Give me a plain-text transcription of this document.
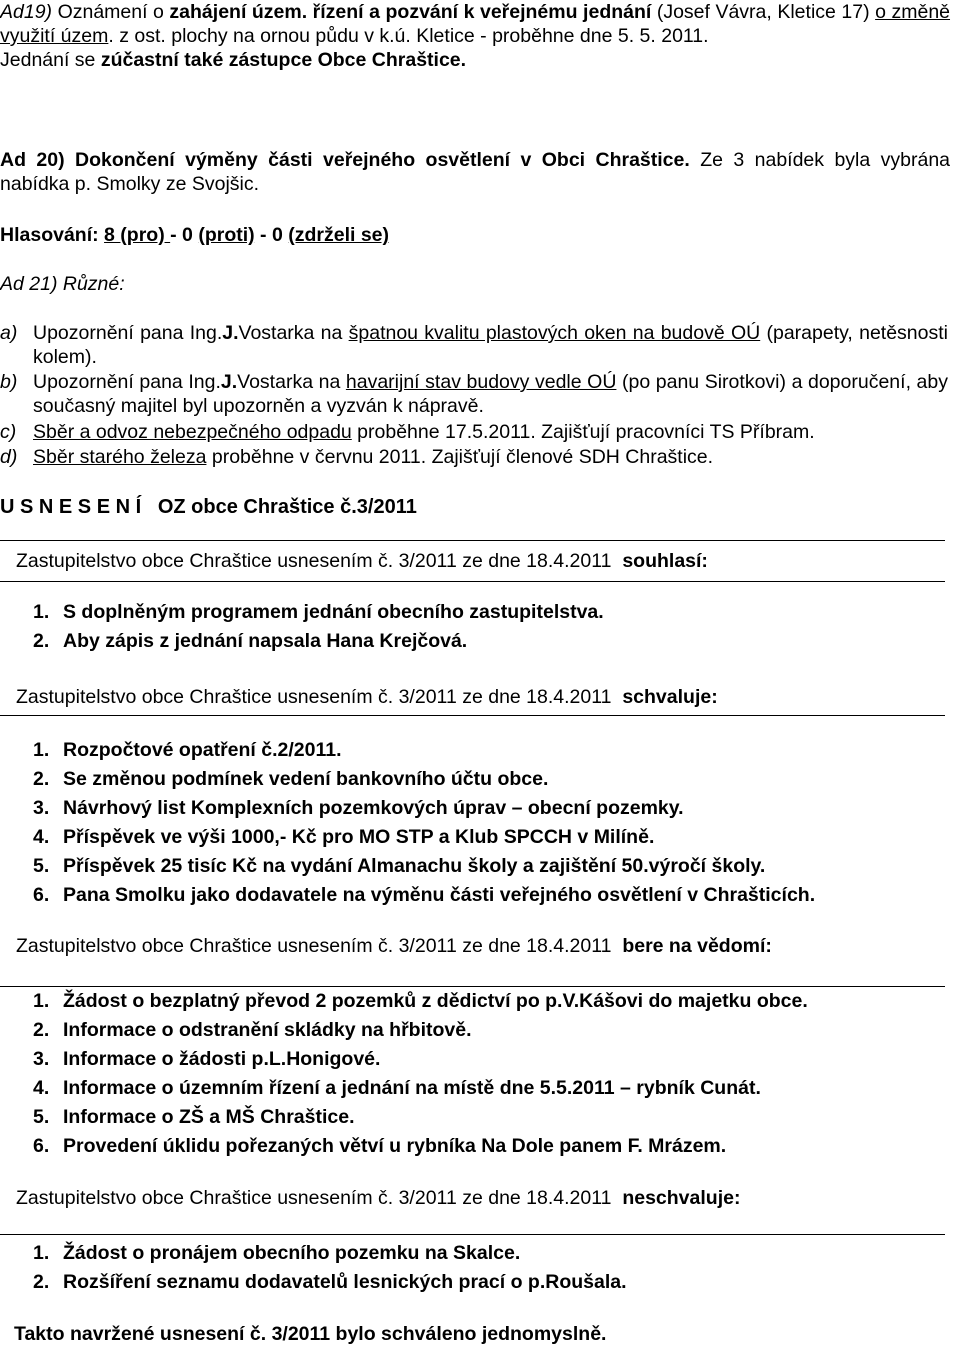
Ad19) Oznámení o zahájení územ. řízení a pozvání k veřejnému jednání (Josef Vávra, Kletice 17) o změně využití územ. z ost. plochy na ornou půdu v k.ú. Kletice - proběhne dne 5. 5. 2011.

Jednání se zúčastní také zástupce Obce Chraštice.

Ad 20) Dokončení výměny části veřejného osvětlení v Obci Chraštice. Ze 3 nabídek byla vybrána nabídka p. Smolky ze Svojšic.

Hlasování: 8 (pro) - 0 (proti) - 0 (zdrželi se)
Ad 21) Různé:
a) Upozornění pana Ing.J.Vostarka na špatnou kvalitu plastových oken na budově OÚ (parapety, netěsnosti kolem).

b) Upozornění pana Ing.J.Vostarka na havarijní stav budovy vedle OÚ (po panu Sirotkovi) a doporučení, aby současný majitel byl upozorněn a vyzván k nápravě.

c) Sběr a odvoz nebezpečného odpadu proběhne 17.5.2011. Zajišťují pracovníci TS Příbram.

d) Sběr starého železa proběhne v červnu 2011. Zajišťují členové SDH Chraštice.

U S N E S E N Í OZ obce Chraštice č.3/2011
Zastupitelstvo obce Chraštice usnesením č. 3/2011 ze dne 18.4.2011 souhlasí:
1. S doplněným programem jednání obecního zastupitelstva.
2. Aby zápis z jednání napsala Hana Krejčová.
Zastupitelstvo obce Chraštice usnesením č. 3/2011 ze dne 18.4.2011 schvaluje:
1. Rozpočtové opatření č.2/2011.
2. Se změnou podmínek vedení bankovního účtu obce.
3. Návrhový list Komplexních pozemkových úprav – obecní pozemky.
4. Příspěvek ve výši 1000,- Kč pro MO STP a Klub SPCCH v Milíně.
5. Příspěvek 25 tisíc Kč na vydání Almanachu školy a zajištění 50.výročí školy.
6. Pana Smolku jako dodavatele na výměnu části veřejného osvětlení v Chrašticích.
Zastupitelstvo obce Chraštice usnesením č. 3/2011 ze dne 18.4.2011 bere na vědomí:
1. Žádost o bezplatný převod 2 pozemků z dědictví po p.V.Kášovi do majetku obce.
2. Informace o odstranění skládky na hřbitově.
3. Informace o žádosti p.L.Honigové.
4. Informace o územním řízení a jednání na místě dne 5.5.2011 – rybník Cunát.
5. Informace o ZŠ a MŠ Chraštice.
6. Provedení úklidu pořezaných větví u rybníka Na Dole panem F. Mrázem.
Zastupitelstvo obce Chraštice usnesením č. 3/2011 ze dne 18.4.2011 neschvaluje:
1. Žádost o pronájem obecního pozemku na Skalce.
2. Rozšíření seznamu dodavatelů lesnických prací o p.Roušala.
Takto navržené usnesení č. 3/2011 bylo schváleno jednomyslně.
